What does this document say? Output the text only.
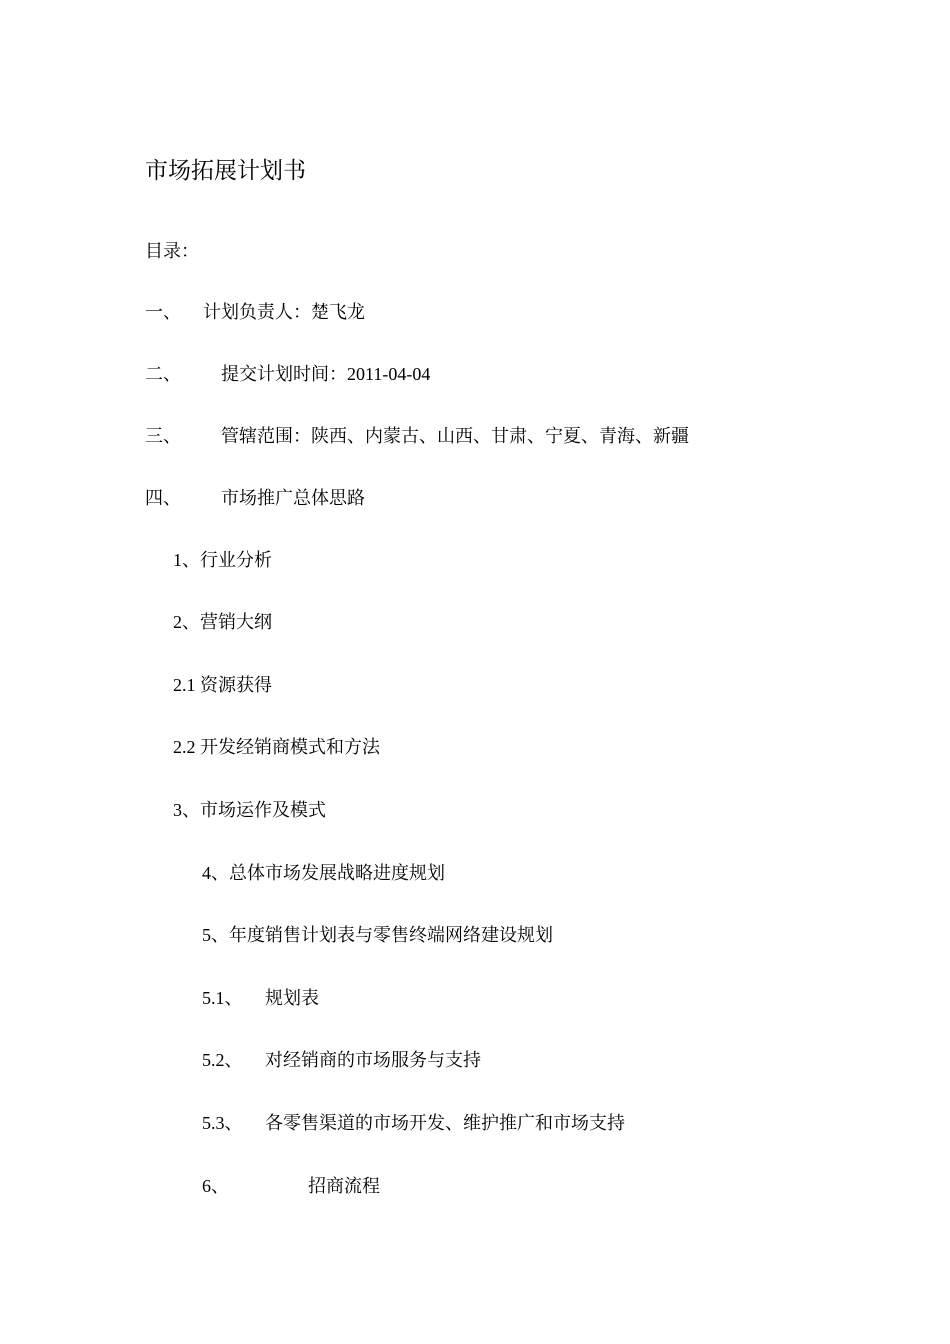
市场拓展计划书
目录：
一、 计划负责人：楚飞龙
二、 提交计划时间：2011-04-04
三、 管辖范围：陕西、内蒙古、山西、甘肃、宁夏、青海、新疆
四、 市场推广总体思路
1、行业分析
2、营销大纲
2.1 资源获得
2.2 开发经销商模式和方法
3、市场运作及模式
4、总体市场发展战略进度规划
5、年度销售计划表与零售终端网络建设规划
5.1、 规划表
5.2、 对经销商的市场服务与支持
5.3、 各零售渠道的市场开发、维护推广和市场支持
6、	招商流程
